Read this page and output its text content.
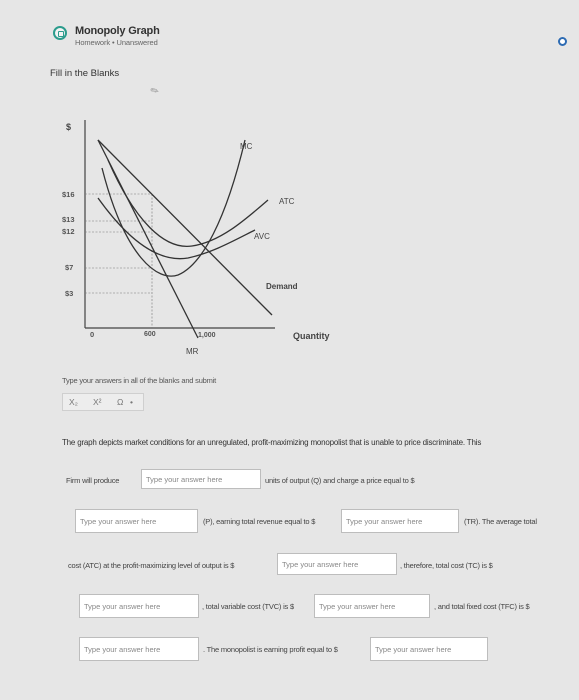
Monopoly Graph
Homework • Unanswered
Fill in the Blanks
✎
$
$16
$13
$12
$7
$3
0	600	1,000
MC
ATC
AVC
Demand
MR
Quantity
Type your answers in all of the blanks and submit
X₂ X² Ω •
The graph depicts market conditions for an unregulated, profit-maximizing monopolist that is unable to price discriminate. This
Firm will produce
Type your answer here	units of output (Q) and charge a price equal to $
Type your answer here
(P), earning total revenue equal to $
Type your answer here	(TR). The average total
cost (ATC) at the profit-maximizing level of output is $
Type your answer here	, therefore, total cost (TC) is $
Type your answer here
, total variable cost (TVC) is $
Type your answer here	, and total fixed cost (TFC) is $
Type your answer here
. The monopolist is earning profit equal to $
Type your answer here
